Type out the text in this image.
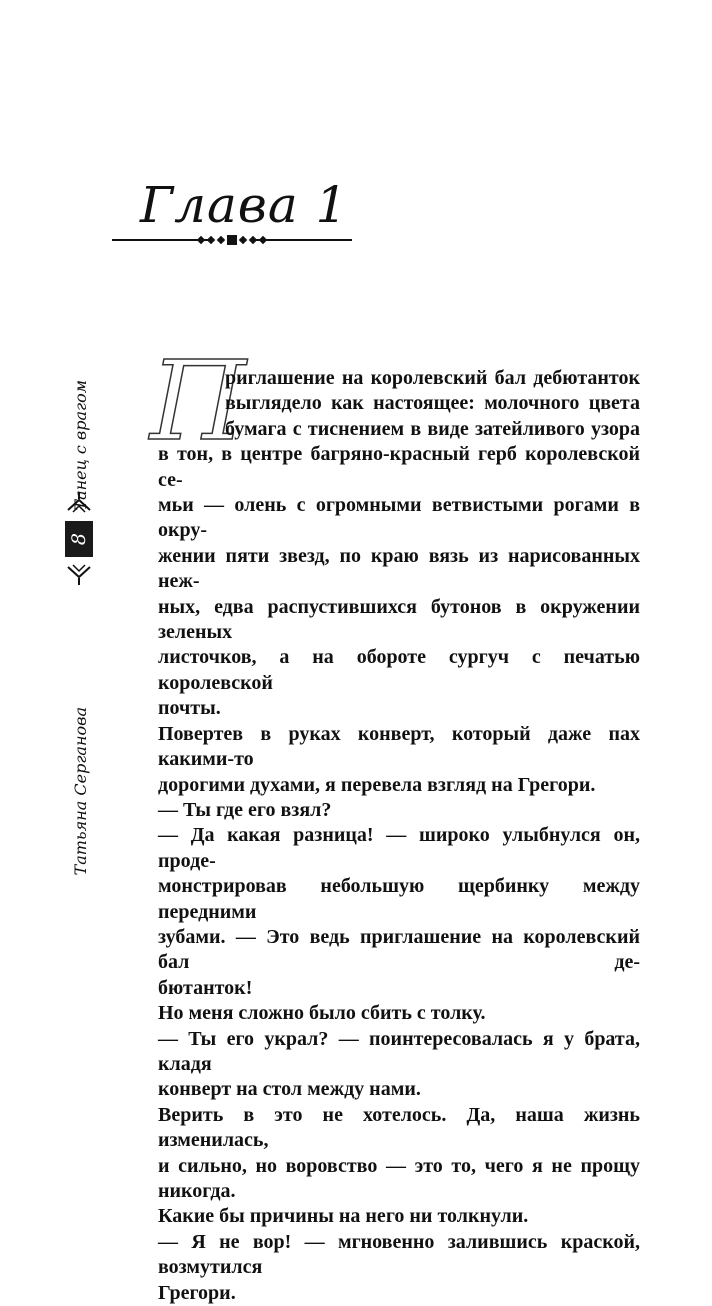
Глава 1
Танец с врагом
8
Татьяна Серганова
П

риглашение на королевский бал дебютанток

выглядело как настоящее: молочного цвета

бумага с тиснением в виде затейливого узора

в тон, в центре багряно-красный герб королевской се-

мьи — олень с огромными ветвистыми рогами в окру-

жении пяти звезд, по краю вязь из нарисованных неж-

ных, едва распустившихся бутонов в окружении зеленых

листочков, а на обороте сургуч с печатью королевской

почты.

Повертев в руках конверт, который даже пах какими-то

дорогими духами, я перевела взгляд на Грегори.

— Ты где его взял?

— Да какая разница! — широко улыбнулся он, проде-

монстрировав небольшую щербинку между передними

зубами. — Это ведь приглашение на королевский бал де-

бютанток!

Но меня сложно было сбить с толку.

— Ты его украл? — поинтересовалась я у брата, кладя

конверт на стол между нами.

Верить в это не хотелось. Да, наша жизнь изменилась,

и сильно, но воровство — это то, чего я не прощу никогда.

Какие бы причины на него ни толкнули.

— Я не вор! — мгновенно залившись краской, возмутился

Грегори.
